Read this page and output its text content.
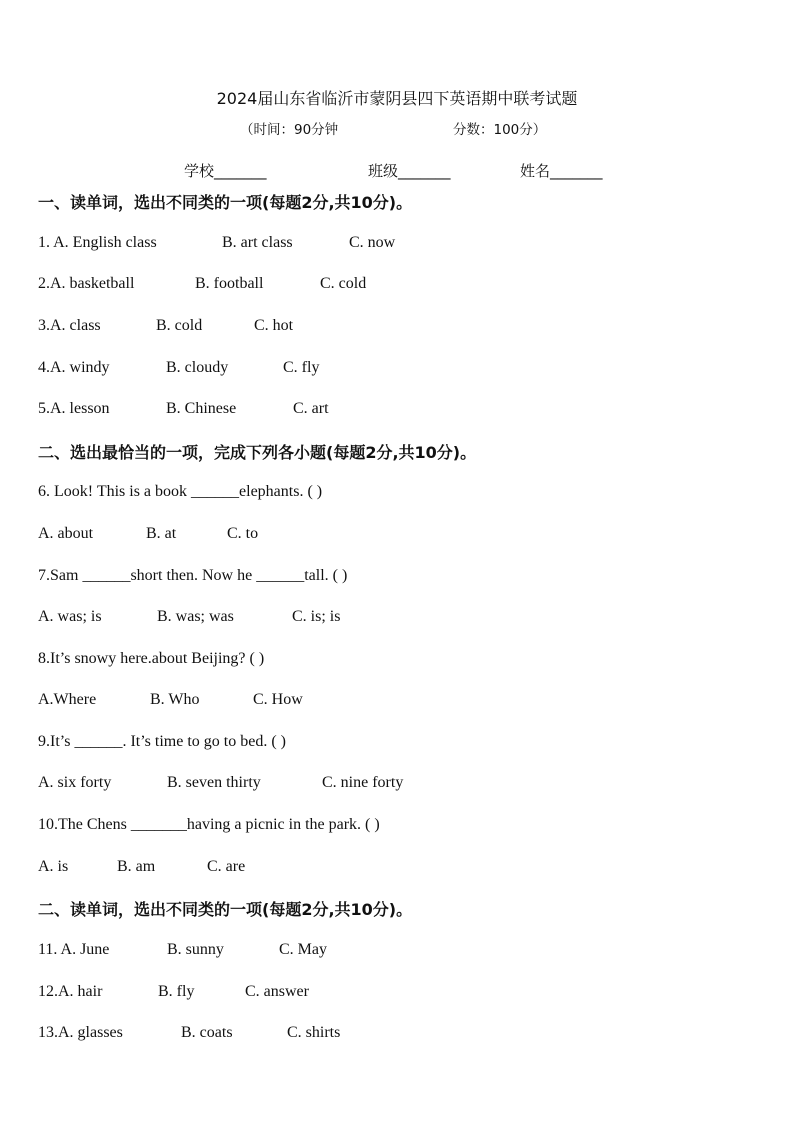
2024届山东省临沂市蒙阴县四下英语期中联考试题
（时间：90分钟	分数：100分）
学校_______	班级_______	姓名_______
一、读单词，选出不同类的一项(每题2分,共10分)。
1. A. English class	B. art class	C. now
2.A. basketball	B. football	C. cold
3.A. class	B. cold	C. hot
4.A. windy	B. cloudy	C. fly
5.A. lesson	B. Chinese	C. art
二、选出最恰当的一项，完成下列各小题(每题2分,共10分)。
6. Look! This is a book ______elephants. ( )
A. about	B. at	C. to
7.Sam ______short then. Now he ______tall. ( )
A. was; is	B. was; was	C. is; is
8.It’s snowy here.about Beijing? ( )
A.Where	B. Who	C. How
9.It’s ______. It’s time to go to bed. ( )
A. six forty	B. seven thirty	C. nine forty
10.The Chens _______having a picnic in the park. ( )
A. is	B. am	C. are
二、读单词，选出不同类的一项(每题2分,共10分)。
11. A. June	B. sunny	C. May
12.A. hair	B. fly	C. answer
13.A. glasses	B. coats	C. shirts
